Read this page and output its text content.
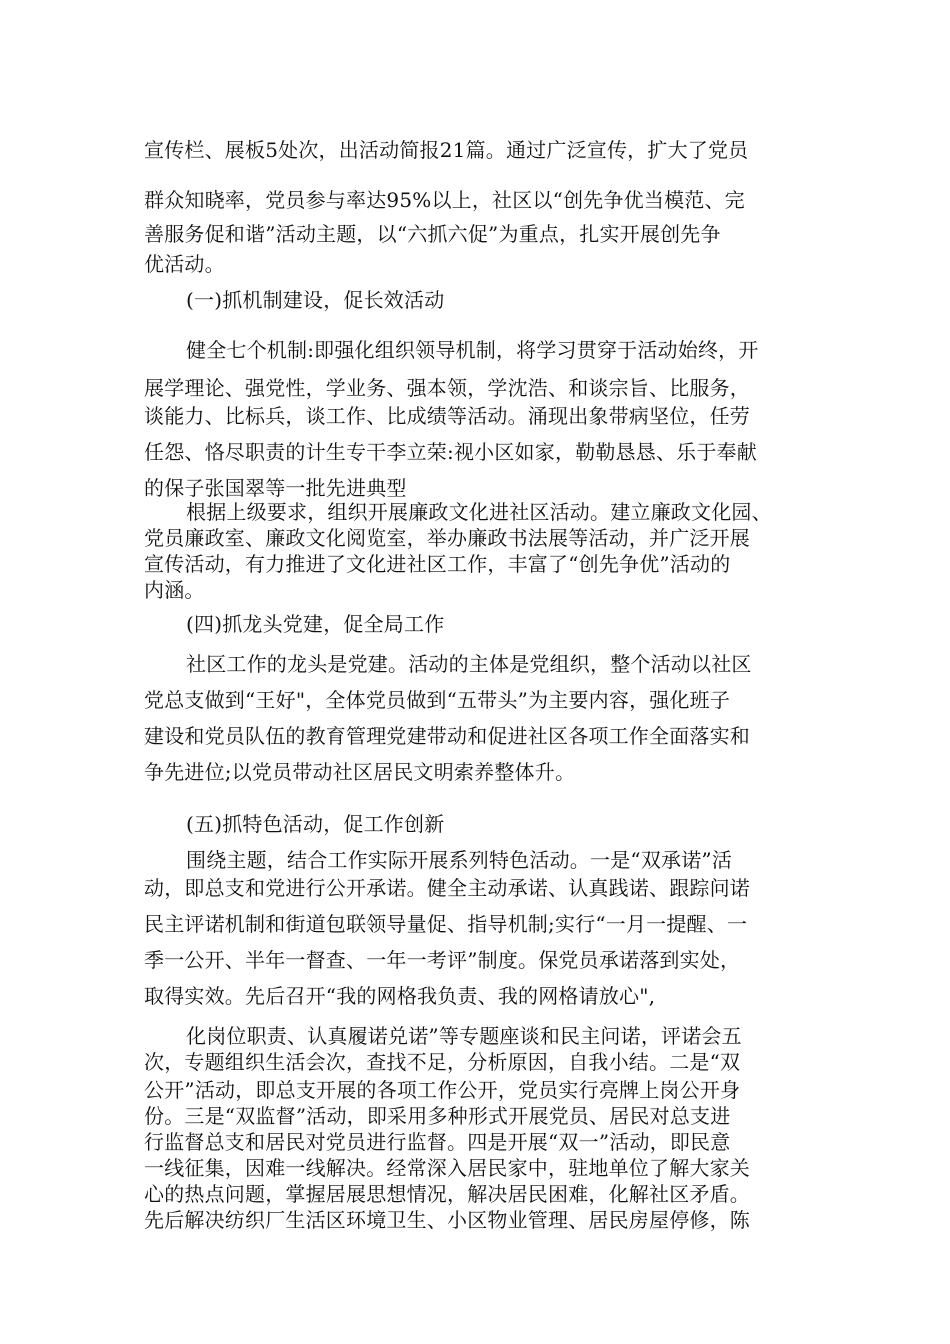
宣传栏、展板5处次，出活动简报21篇。通过广泛宣传，扩大了党员
群众知晓率，党员参与率达95%以上，社区以“创先争优当模范、完
善服务促和谐”活动主题，以“六抓六促”为重点，扎实开展创先争
优活动。
(一)抓机制建设，促长效活动
健全七个机制:即强化组织领导机制，将学习贯穿于活动始终，开
展学理论、强党性，学业务、强本领，学沈浩、和谈宗旨、比服务，
谈能力、比标兵，谈工作、比成绩等活动。涌现出象带病坚位，任劳
任怨、恪尽职责的计生专干李立荣:视小区如家，勒勒恳恳、乐于奉献
的保子张国翠等一批先进典型
根据上级要求，组织开展廉政文化进社区活动。建立廉政文化园、
党员廉政室、廉政文化阅览室，举办廉政书法展等活动，并广泛开展
宣传活动，有力推进了文化进社区工作，丰富了“创先争优”活动的
内涵。
(四)抓龙头党建，促全局工作
社区工作的龙头是党建。活动的主体是党组织，整个活动以社区
党总支做到“王好"，全体党员做到“五带头”为主要内容，强化班子
建设和党员队伍的教育管理党建带动和促进社区各项工作全面落实和
争先进位;以党员带动社区居民文明索养整体升。
(五)抓特色活动，促工作创新
围绕主题，结合工作实际开展系列特色活动。一是“双承诺”活
动，即总支和党进行公开承诺。健全主动承诺、认真践诺、跟踪问诺
民主评诺机制和街道包联领导量促、指导机制;实行“一月一提醒、一
季一公开、半年一督查、一年一考评”制度。保党员承诺落到实处，
取得实效。先后召开“我的网格我负责、我的网格请放心",
化岗位职责、认真履诺兑诺”等专题座谈和民主问诺，评诺会五
次，专题组织生活会次，查找不足，分析原因，自我小结。二是“双
公开”活动，即总支开展的各项工作公开，党员实行亮牌上岗公开身
份。三是“双监督”活动，即采用多种形式开展党员、居民对总支进
行监督总支和居民对党员进行监督。四是开展“双一”活动，即民意
一线征集，因难一线解决。经常深入居民家中，驻地单位了解大家关
心的热点问题，掌握居展思想情况，解决居民困难，化解社区矛盾。
先后解决纺织厂生活区环境卫生、小区物业管理、居民房屋停修，陈
